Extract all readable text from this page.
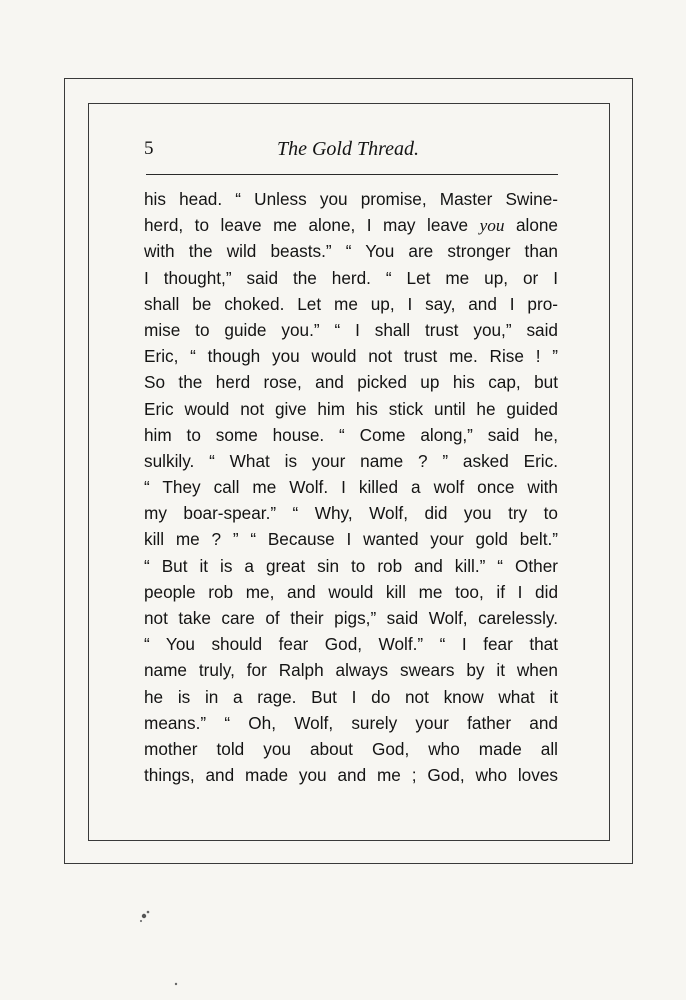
5	The Gold Thread.
his head. “ Unless you promise, Master Swine-
herd, to leave me alone, I may leave you alone
with the wild beasts.” “ You are stronger than
I thought,” said the herd. “ Let me up, or I
shall be choked. Let me up, I say, and I pro-
mise to guide you.” “ I shall trust you,” said
Eric, “ though you would not trust me. Rise ! ”
So the herd rose, and picked up his cap, but
Eric would not give him his stick until he guided
him to some house. “ Come along,” said he,
sulkily. “ What is your name ? ” asked Eric.
“ They call me Wolf. I killed a wolf once with
my boar-spear.” “ Why, Wolf, did you try to
kill me ? ” “ Because I wanted your gold belt.”
“ But it is a great sin to rob and kill.” “ Other
people rob me, and would kill me too, if I did
not take care of their pigs,” said Wolf, carelessly.
“ You should fear God, Wolf.” “ I fear that
name truly, for Ralph always swears by it when
he is in a rage. But I do not know what it
means.” “ Oh, Wolf, surely your father and
mother told you about God, who made all
things, and made you and me ; God, who loves
